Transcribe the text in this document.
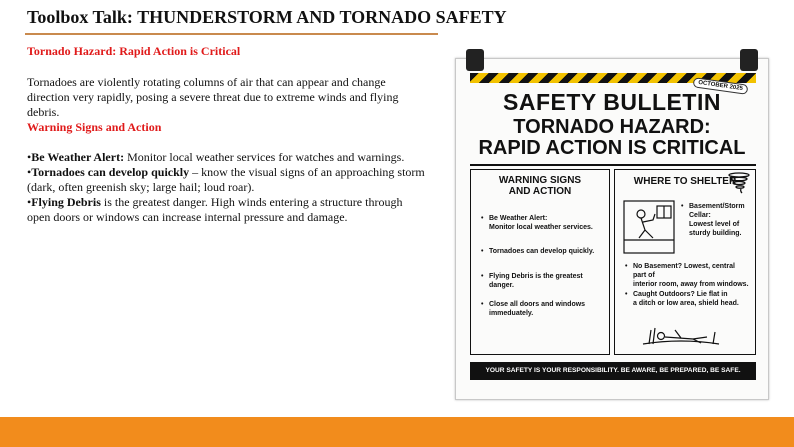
Toolbox Talk: THUNDERSTORM AND TORNADO SAFETY

Tornado Hazard: Rapid Action is Critical

Tornadoes are violently rotating columns of air that can appear and change

direction very rapidly, posing a severe threat due to extreme winds and flying

debris.

Warning Signs and Action

•Be Weather Alert: Monitor local weather services for watches and warnings.

•Tornadoes can develop quickly – know the visual signs of an approaching storm

(dark, often greenish sky; large hail; loud roar).

•Flying Debris is the greatest danger. High winds entering a structure through

open doors or windows can increase internal pressure and damage.

OCTOBER 2025
SAFETY BULLETIN
TORNADO HAZARD:
RAPID ACTION IS CRITICAL
WARNING SIGNS
AND ACTION
• Be Weather Alert:
Monitor local weather services.
• Tornadoes can develop quickly.
• Flying Debris is the greatest
danger.
• Close all doors and windows
immeduately.
WHERE TO SHELTER
• Basement/Storm Cellar:
Lowest level of
sturdy building.
• No Basement? Lowest, central part of
interior room, away from windows.
• Caught Outdoors? Lie flat in
a ditch or low area, shield head.
YOUR SAFETY IS YOUR RESPONSIBILITY. BE AWARE, BE PREPARED, BE SAFE.
